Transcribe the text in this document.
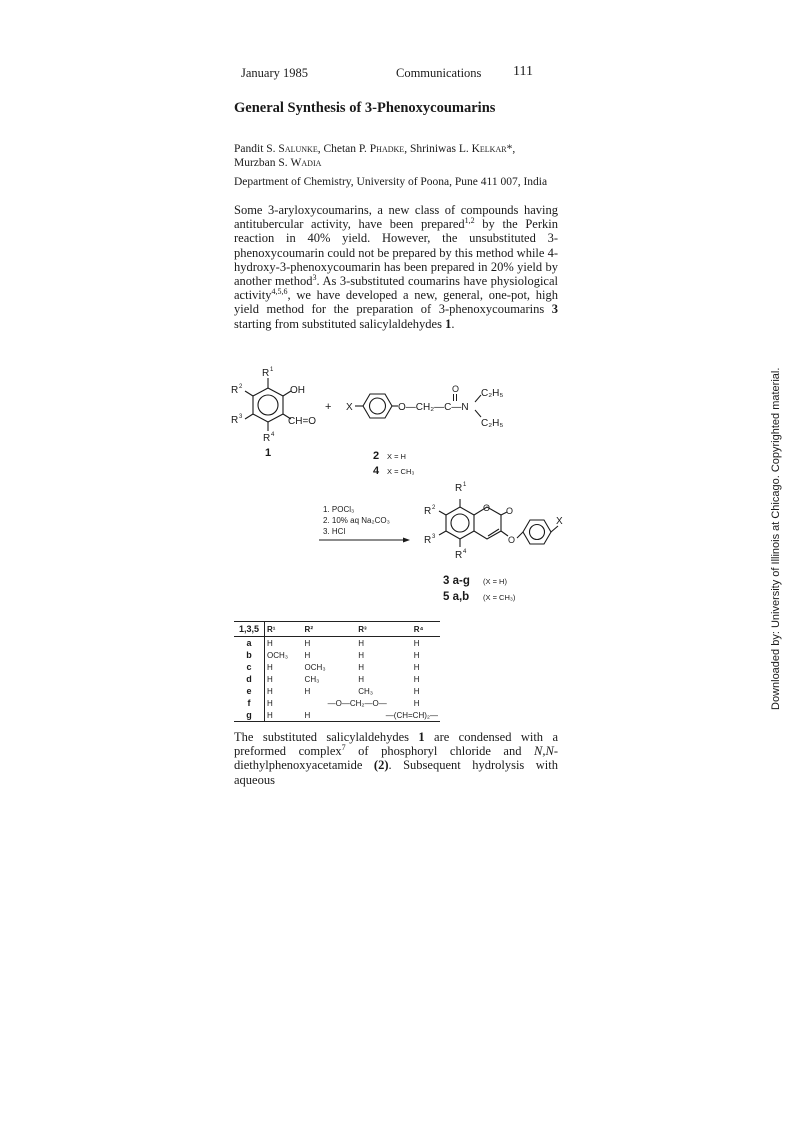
January 1985	Communications 111
General Synthesis of 3-Phenoxycoumarins
Pandit S. Salunke, Chetan P. Phadke, Shriniwas L. Kelkar*,
Murzban S. Wadia
Department of Chemistry, University of Poona, Pune 411 007, India

Some 3-aryloxycoumarins, a new class of compounds having antitubercular activity, have been prepared$^{1,2}$ by the Perkin reaction in 40% yield. However, the unsubstituted 3-phenoxycoumarin could not be prepared by this method while 4-hydroxy-3-phenoxycoumarin has been prepared in 20% yield by another method$^3$. As 3-substituted coumarins have physiological activity$^{4,5,6}$, we have developed a new, general, one-pot, high yield method for the preparation of 3-phenoxycoumarins 3 starting from substituted salicylaldehydes 1.

R 1
R 2
R 3
R 4
OH
CH=O
1
+ X	O—CH₂—C—N
O C₂H₅
C₂H₅
2 X = H
4 X = CH₃
1. POCl₃
2. 10% aq Na₂CO₃
3. HCl
R 1
R 2
R 3
R 4
O O
O
X
3 a-g (X = H)
5 a,b (X = CH₃)
1,3,5	R¹	R²	R³	R⁴
a	H	H	H	H
b	OCH₃	H	H	H
c	H	OCH₃	H	H
d	H	CH₃	H	H
e	H	H	CH₃	H
f	H	—O—CH₂—O—		H
g	H	H	—(CH=CH)₂—	

The substituted salicylaldehydes 1 are condensed with a preformed complex$^7$ of phosphoryl chloride and N,N-diethylphenoxyacetamide (2). Subsequent hydrolysis with aqueous

Downloaded by: University of Illinois at Chicago. Copyrighted material.
